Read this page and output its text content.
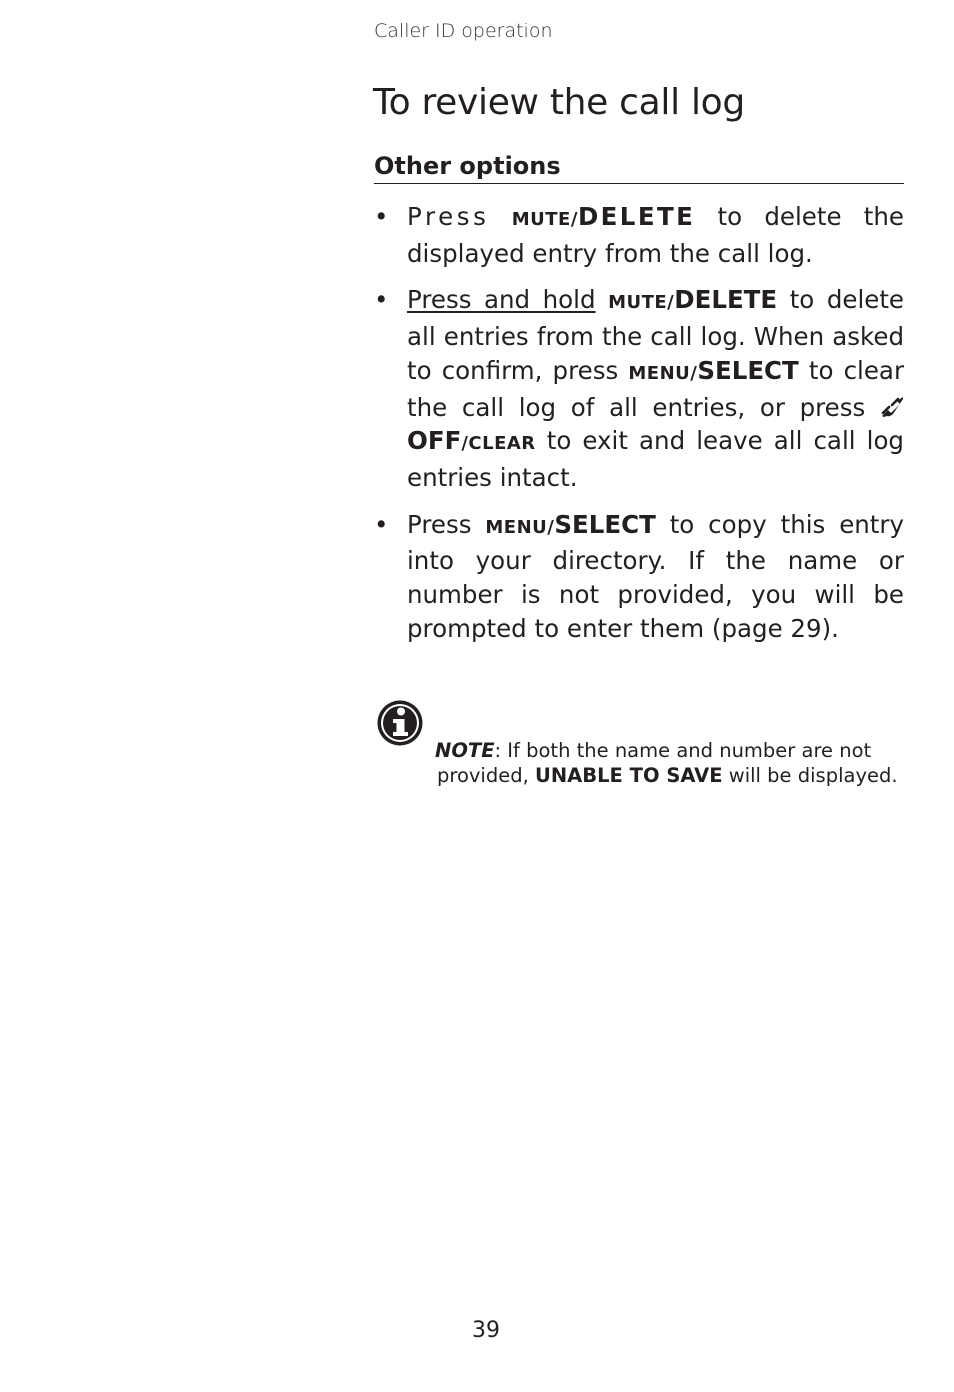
Caller ID operation
To review the call log
Other options
• Press MUTE/DELETE to delete the displayed entry from the call log.
• Press and hold MUTE/DELETE to delete all entries from the call log. When asked to confirm, press MENU/SELECT to clear the call log of all entries, or press OFF/CLEAR to exit and leave all call log entries intact.
• Press MENU/SELECT to copy this entry into your directory. If the name or number is not provided, you will be prompted to enter them (page 29).
NOTE: If both the name and number are not
provided, UNABLE TO SAVE will be displayed.
39
